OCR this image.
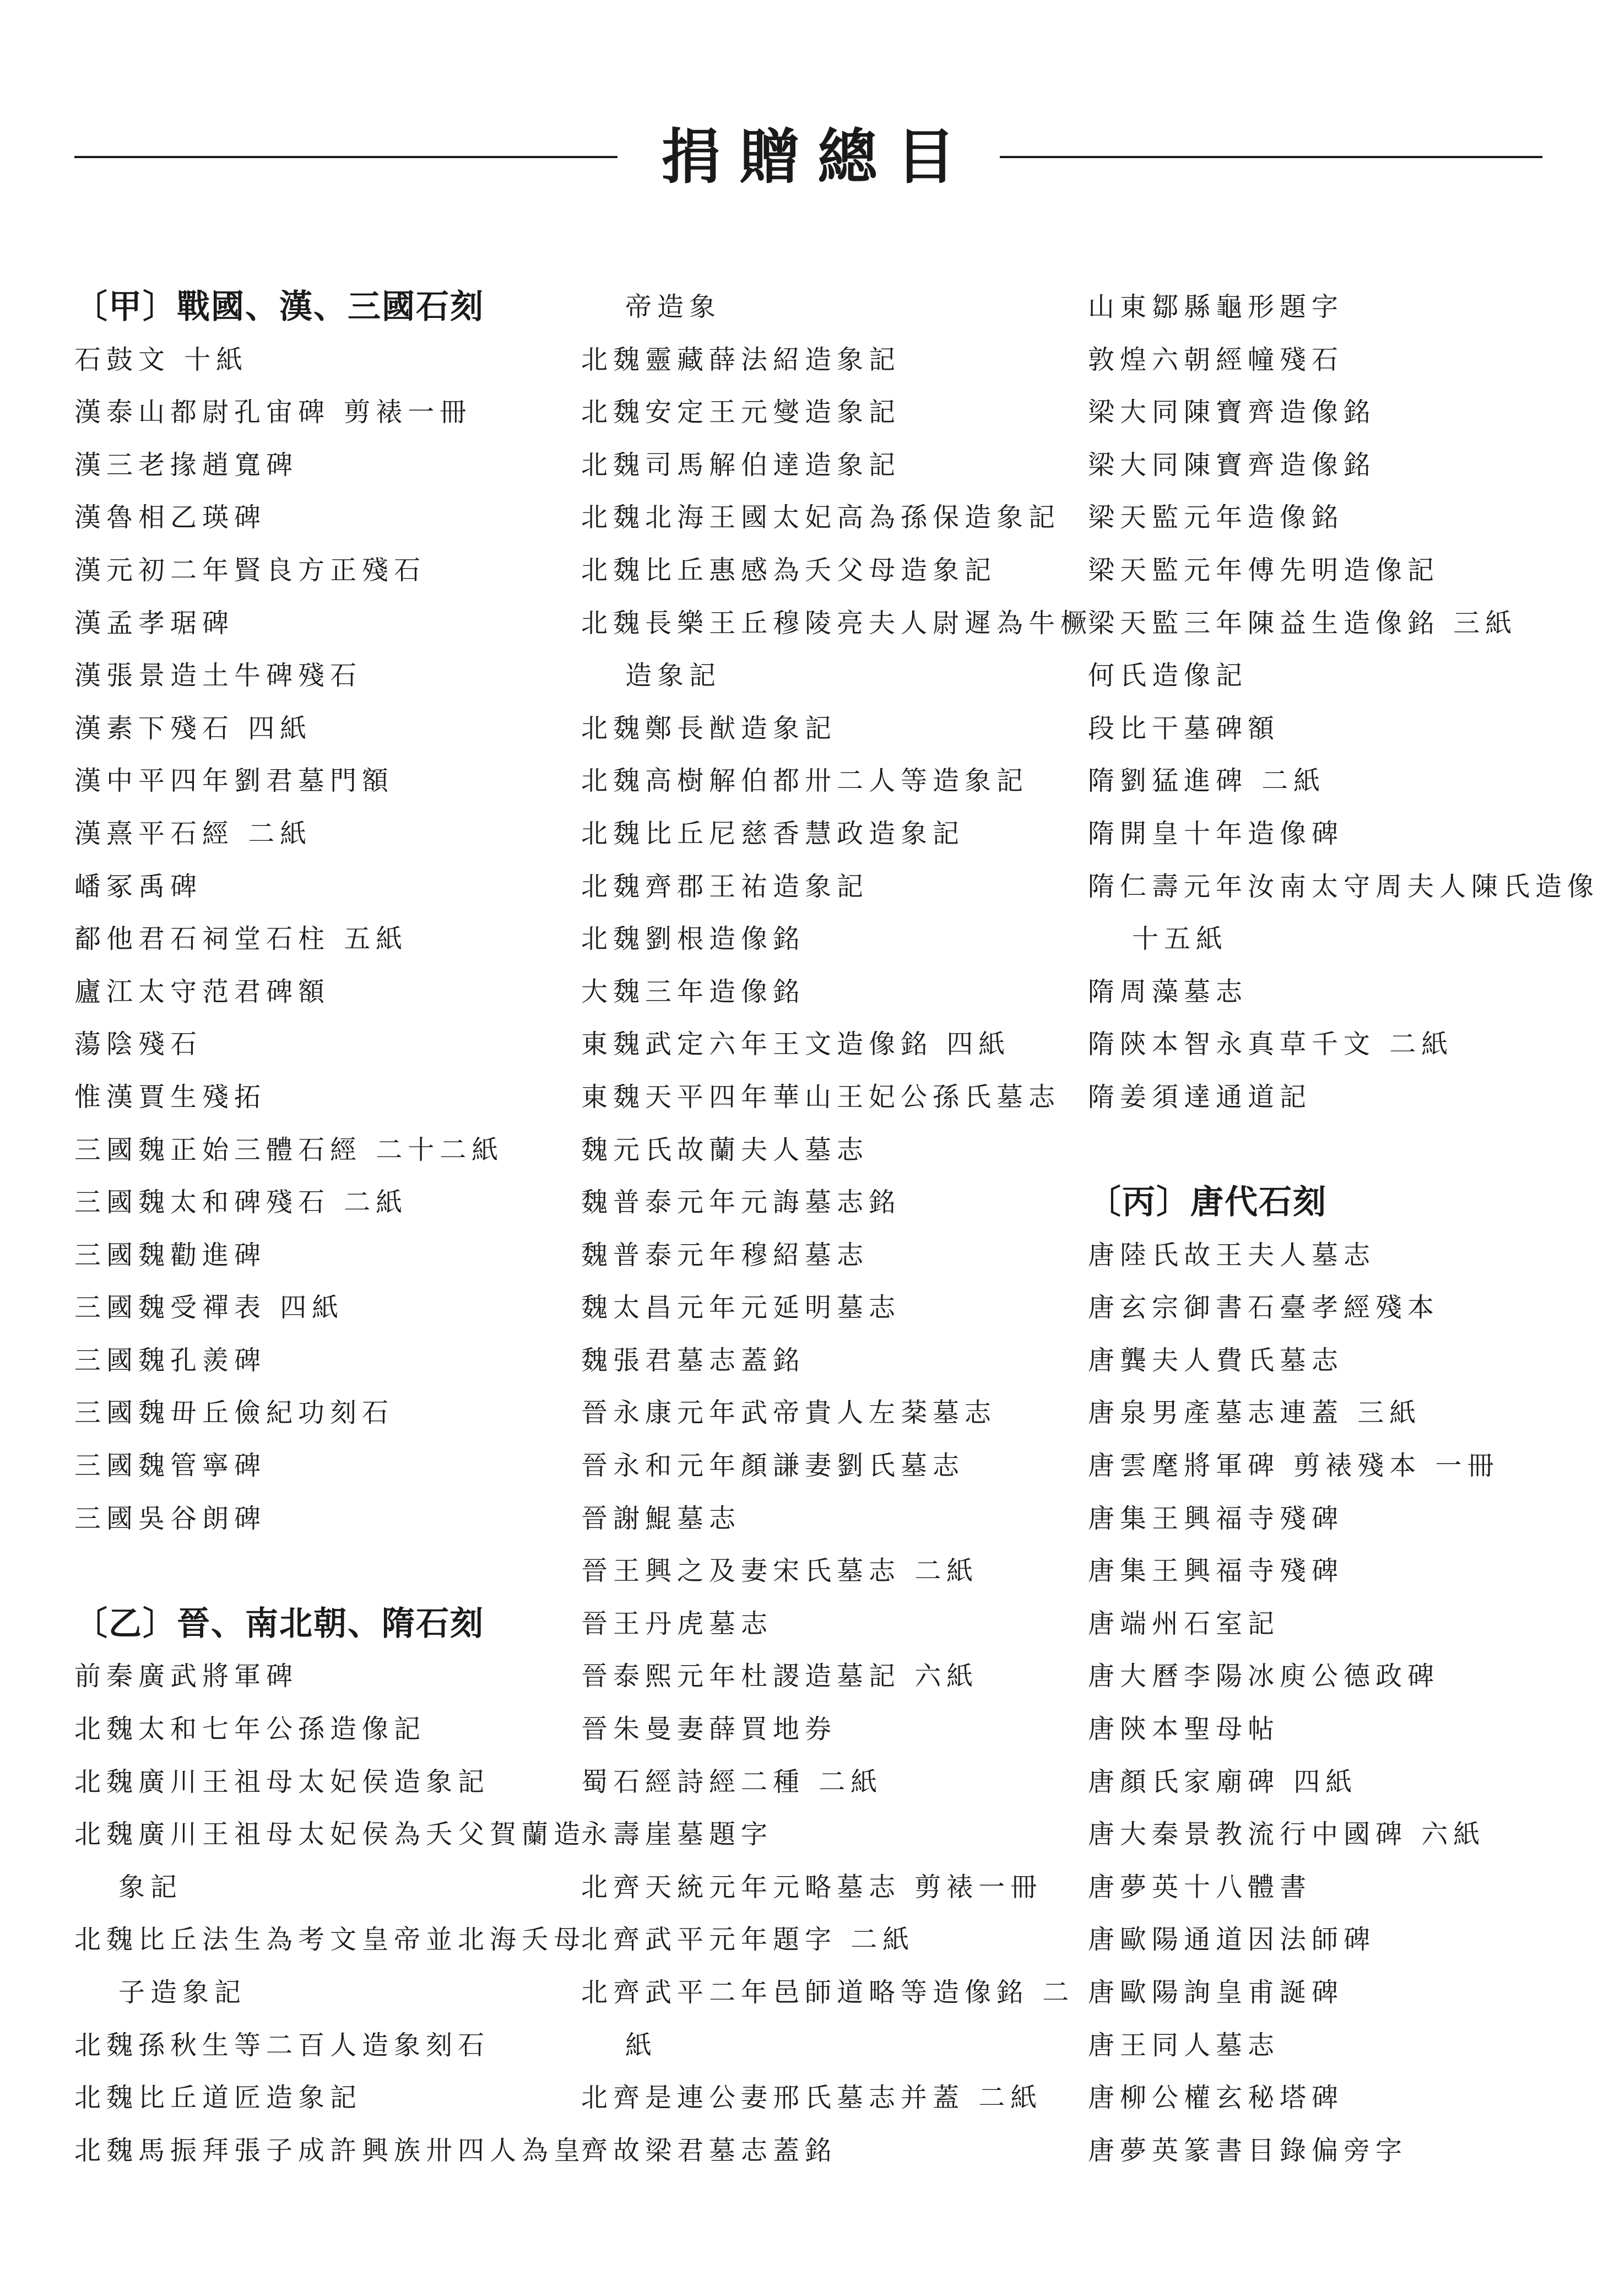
捐贈總目
〔甲〕戰國、漢、三國石刻
石鼓文 十紙
漢泰山都尉孔宙碑 剪裱一冊
漢三老掾趙寬碑
漢魯相乙瑛碑
漢元初二年賢良方正殘石
漢孟孝琚碑
漢張景造土牛碑殘石
漢素下殘石 四紙
漢中平四年劉君墓門額
漢熹平石經 二紙
嶓冢禹碑
鄐他君石祠堂石柱 五紙
廬江太守范君碑額
蕩陰殘石
惟漢賈生殘拓
三國魏正始三體石經 二十二紙
三國魏太和碑殘石 二紙
三國魏勸進碑
三國魏受禪表 四紙
三國魏孔羨碑
三國魏毌丘儉紀功刻石
三國魏管寧碑
三國吳谷朗碑
〔乙〕晉、南北朝、隋石刻
前秦廣武將軍碑
北魏太和七年公孫造像記
北魏廣川王祖母太妃侯造象記
北魏廣川王祖母太妃侯為夭父賀蘭造
象記
北魏比丘法生為考文皇帝並北海夭母
子造象記
北魏孫秋生等二百人造象刻石
北魏比丘道匠造象記
北魏馬振拜張子成許興族卅四人為皇
帝造象
北魏靈藏薛法紹造象記
北魏安定王元燮造象記
北魏司馬解伯達造象記
北魏北海王國太妃高為孫保造象記
北魏比丘惠感為夭父母造象記
北魏長樂王丘穆陵亮夫人尉遲為牛橛
造象記
北魏鄭長猷造象記
北魏高樹解伯都卅二人等造象記
北魏比丘尼慈香慧政造象記
北魏齊郡王祐造象記
北魏劉根造像銘
大魏三年造像銘
東魏武定六年王文造像銘 四紙
東魏天平四年華山王妃公孫氏墓志
魏元氏故蘭夫人墓志
魏普泰元年元誨墓志銘
魏普泰元年穆紹墓志
魏太昌元年元延明墓志
魏張君墓志蓋銘
晉永康元年武帝貴人左棻墓志
晉永和元年顏謙妻劉氏墓志
晉謝鯤墓志
晉王興之及妻宋氏墓志 二紙
晉王丹虎墓志
晉泰熙元年杜謖造墓記 六紙
晉朱曼妻薛買地券
蜀石經詩經二種 二紙
永壽崖墓題字
北齊天統元年元略墓志 剪裱一冊
北齊武平元年題字 二紙
北齊武平二年邑師道略等造像銘 二
紙
北齊是連公妻邢氏墓志并蓋 二紙
齊故梁君墓志蓋銘
山東鄒縣龜形題字
敦煌六朝經幢殘石
梁大同陳寶齊造像銘
梁大同陳寶齊造像銘
梁天監元年造像銘
梁天監元年傅先明造像記
梁天監三年陳益生造像銘 三紙
何氏造像記
段比干墓碑額
隋劉猛進碑 二紙
隋開皇十年造像碑
隋仁壽元年汝南太守周夫人陳氏造像
十五紙
隋周藻墓志
隋陝本智永真草千文 二紙
隋姜須達通道記
〔丙〕唐代石刻
唐陸氏故王夫人墓志
唐玄宗御書石臺孝經殘本
唐龔夫人費氏墓志
唐泉男產墓志連蓋 三紙
唐雲麾將軍碑 剪裱殘本 一冊
唐集王興福寺殘碑
唐集王興福寺殘碑
唐端州石室記
唐大曆李陽冰庾公德政碑
唐陝本聖母帖
唐顏氏家廟碑 四紙
唐大秦景教流行中國碑 六紙
唐夢英十八體書
唐歐陽通道因法師碑
唐歐陽詢皇甫誕碑
唐王同人墓志
唐柳公權玄秘塔碑
唐夢英篆書目錄偏旁字
